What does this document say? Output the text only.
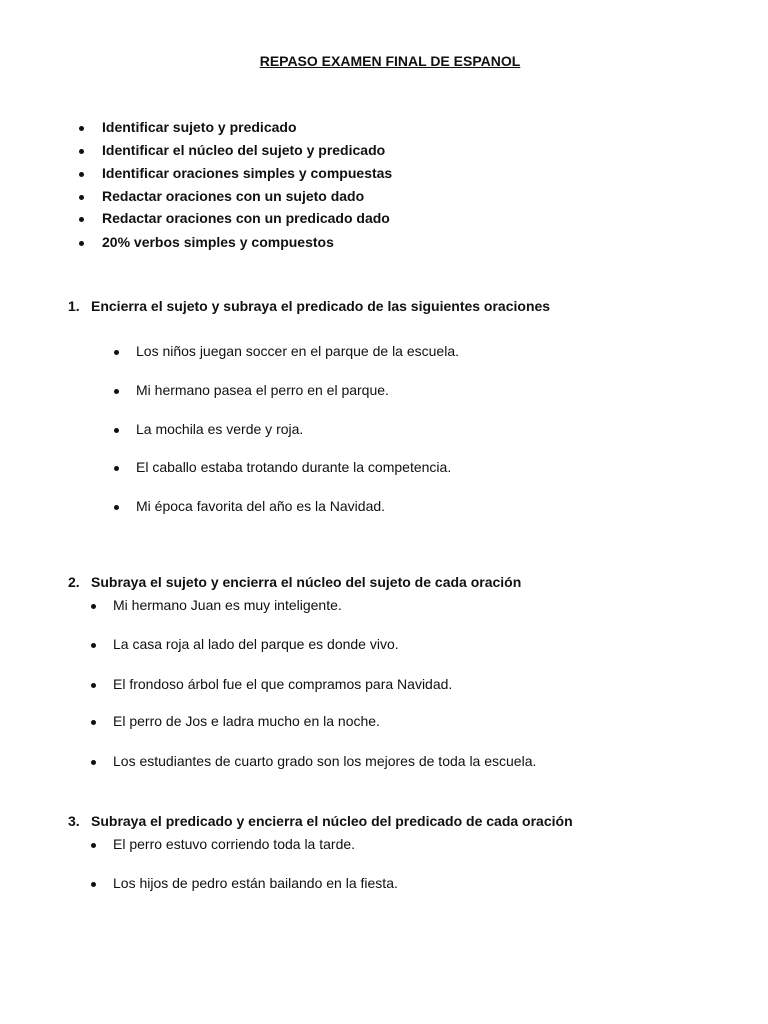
REPASO EXAMEN FINAL DE ESPANOL
Identificar sujeto y predicado
Identificar el núcleo del sujeto y predicado
Identificar oraciones simples y compuestas
Redactar oraciones con un sujeto dado
Redactar oraciones con un predicado dado
20% verbos simples y compuestos
1. Encierra el sujeto y subraya el predicado de las siguientes oraciones
Los niños juegan soccer en el parque de la escuela.
Mi hermano pasea el perro en el parque.
La mochila es verde y roja.
El caballo estaba trotando durante la competencia.
Mi época favorita del año es la Navidad.
2. Subraya el sujeto y encierra el núcleo del sujeto de cada oración
Mi hermano Juan es muy inteligente.
La casa roja al lado del parque es donde vivo.
El frondoso árbol fue el que compramos para Navidad.
El perro de Jos e ladra mucho en la noche.
Los estudiantes de cuarto grado son los mejores de toda la escuela.
3. Subraya el predicado y encierra el núcleo del predicado de cada oración
El perro estuvo corriendo toda la tarde.
Los hijos de pedro están bailando en la fiesta.
